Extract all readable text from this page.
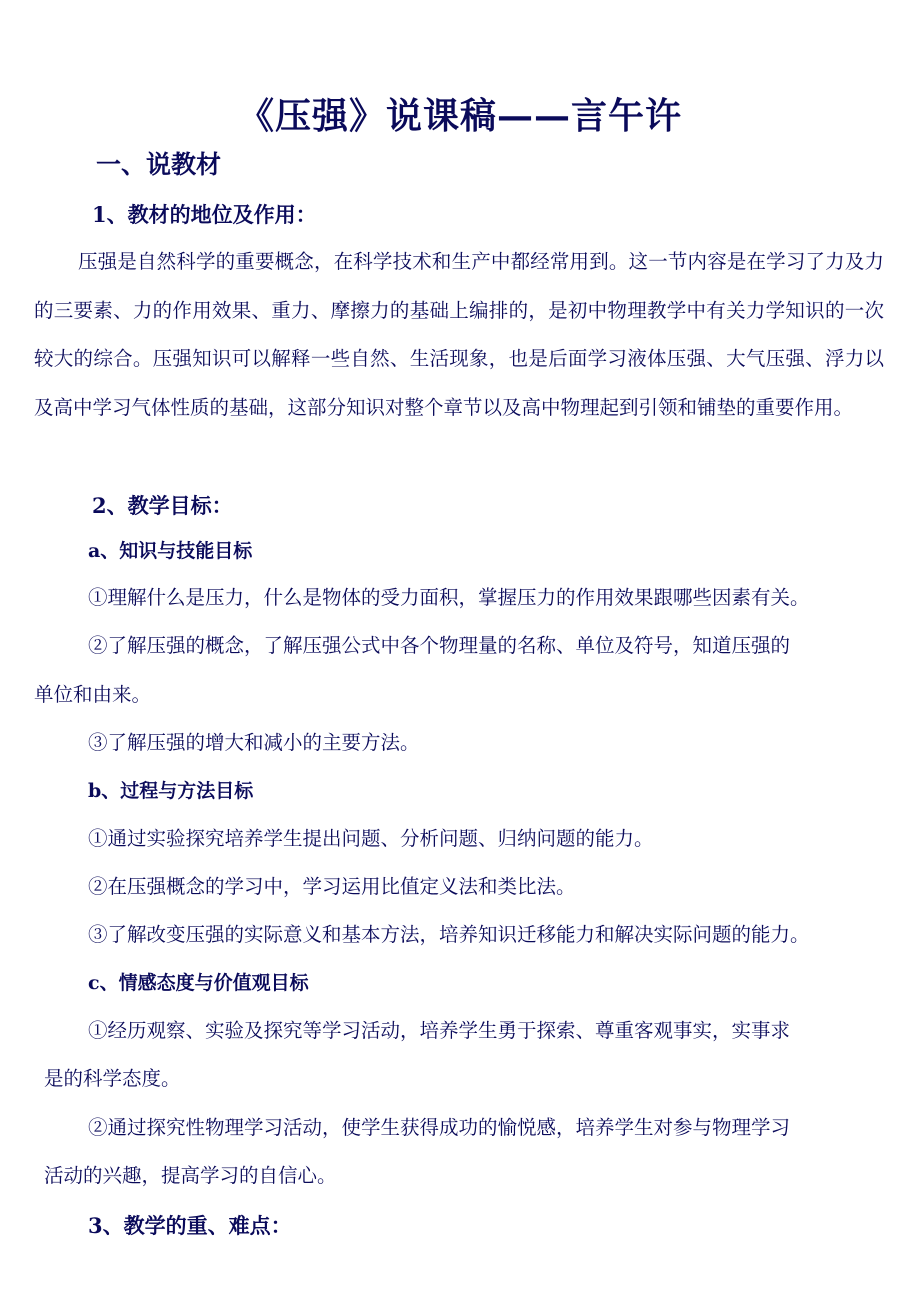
《压强》说课稿——言午许
一、说教材
1、教材的地位及作用：
压强是自然科学的重要概念，在科学技术和生产中都经常用到。这一节内容是在学习了力及力的三要素、力的作用效果、重力、摩擦力的基础上编排的，是初中物理教学中有关力学知识的一次较大的综合。压强知识可以解释一些自然、生活现象，也是后面学习液体压强、大气压强、浮力以及高中学习气体性质的基础，这部分知识对整个章节以及高中物理起到引领和铺垫的重要作用。
2、教学目标：
a、知识与技能目标
①理解什么是压力，什么是物体的受力面积，掌握压力的作用效果跟哪些因素有关。
②了解压强的概念，了解压强公式中各个物理量的名称、单位及符号，知道压强的
单位和由来。
③了解压强的增大和减小的主要方法。
b、过程与方法目标
①通过实验探究培养学生提出问题、分析问题、归纳问题的能力。
②在压强概念的学习中，学习运用比值定义法和类比法。
③了解改变压强的实际意义和基本方法，培养知识迁移能力和解决实际问题的能力。
c、情感态度与价值观目标
①经历观察、实验及探究等学习活动，培养学生勇于探索、尊重客观事实，实事求
是的科学态度。
②通过探究性物理学习活动，使学生获得成功的愉悦感，培养学生对参与物理学习
活动的兴趣，提高学习的自信心。
3、教学的重、难点：
